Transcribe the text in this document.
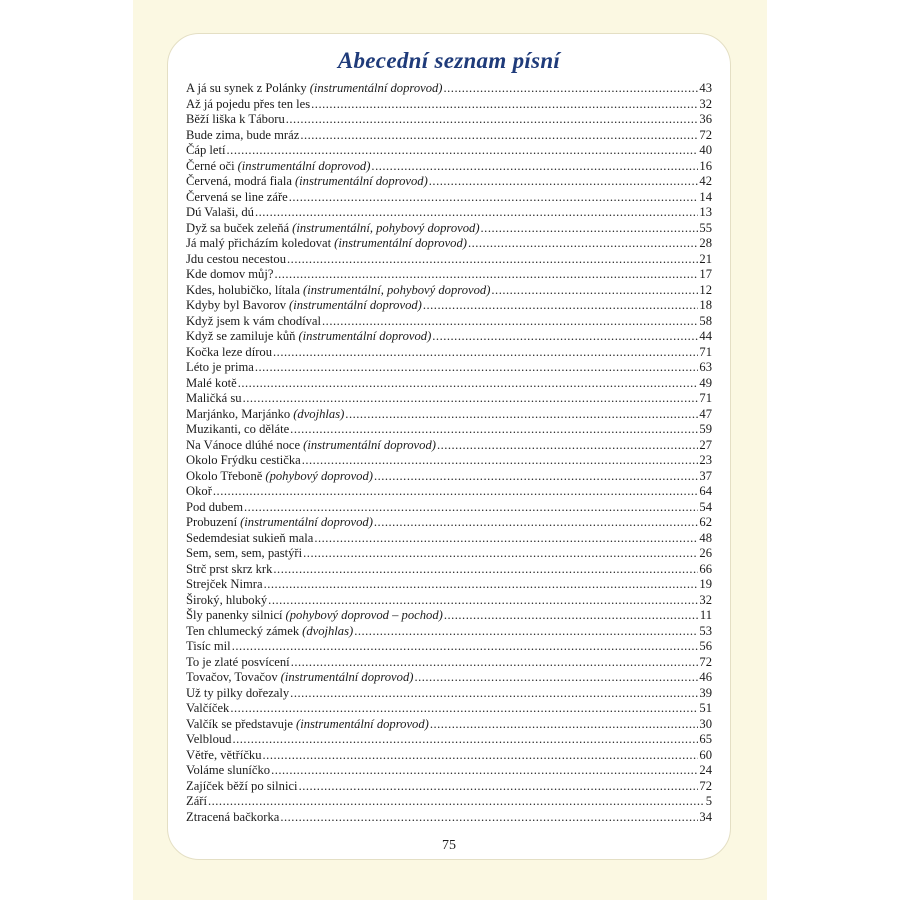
Abecední seznam písní
A já su synek z Polánky (instrumentální doprovod) .....	43
Až já pojedu přes ten les .....	32
Běží liška k Táboru .....	36
Bude zima, bude mráz .....	72
Čáp letí .....	40
Černé oči (instrumentální doprovod) .....	16
Červená, modrá fiala (instrumentální doprovod) .....	42
Červená se line záře .....	14
Dú Valaši, dú .....	13
Dyž sa buček zeleňá (instrumentální, pohybový doprovod) .....	55
Já malý přicházím koledovat (instrumentální doprovod) .....	28
Jdu cestou necestou .....	21
Kde domov můj? .....	17
Kdes, holubičko, lítala (instrumentální, pohybový doprovod) .....	12
Kdyby byl Bavorov (instrumentální doprovod) .....	18
Když jsem k vám chodíval .....	58
Když se zamiluje kůň (instrumentální doprovod) .....	44
Kočka leze dírou .....	71
Léto je prima .....	63
Malé kotě .....	49
Maličká su .....	71
Marjánko, Marjánko (dvojhlas) .....	47
Muzikanti, co děláte .....	59
Na Vánoce dlúhé noce (instrumentální doprovod) .....	27
Okolo Frýdku cestička .....	23
Okolo Třeboně (pohybový doprovod) .....	37
Okoř .....	64
Pod dubem .....	54
Probuzení (instrumentální doprovod) .....	62
Sedemdesiat sukieň mala .....	48
Sem, sem, sem, pastýři .....	26
Strč prst skrz krk .....	66
Strejček Nimra .....	19
Široký, hluboký .....	32
Šly panenky silnicí (pohybový doprovod – pochod) .....	11
Ten chlumecký zámek (dvojhlas) .....	53
Tisíc mil .....	56
To je zlaté posvícení .....	72
Tovačov, Tovačov (instrumentální doprovod) .....	46
Už ty pilky dořezaly .....	39
Valčíček .....	51
Valčík se představuje (instrumentální doprovod) .....	30
Velbloud .....	65
Větře, větříčku .....	60
Voláme sluníčko .....	24
Zajíček běží po silnici .....	72
Září .....	5
Ztracená bačkorka .....	34
75
